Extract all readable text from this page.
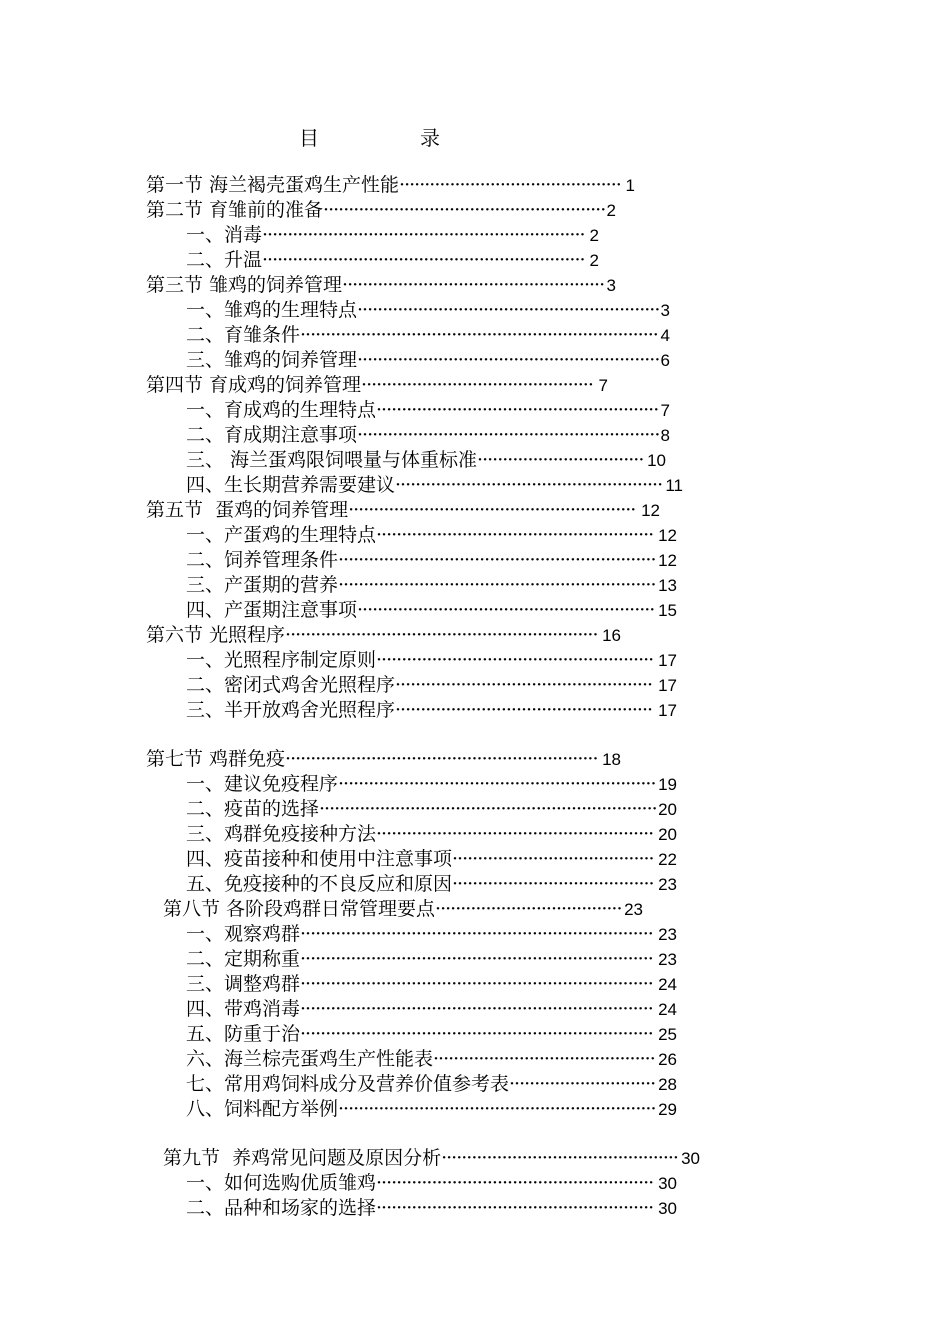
目	录
第一节 海兰褐壳蛋鸡生产性能············································ 1
第二节 育雏前的准备························································ 2
一、消毒································································ 2
二、升温································································ 2
第三节 雏鸡的饲养管理···················································· 3
一、雏鸡的生理特点···························································· 3
二、育雏条件······································································· 4
三、雏鸡的饲养管理···························································· 6
第四节 育成鸡的饲养管理·············································· 7
一、育成鸡的生理特点························································ 7
二、育成期注意事项···························································· 8
三、 海兰蛋鸡限饲喂量与体重标准································· 10
四、生长期营养需要建议····················································· 11
第五节  蛋鸡的饲养管理························································· 12
一、产蛋鸡的生理特点······················································· 12
二、饲养管理条件······························································· 12
三、产蛋期的营养······························································· 13
四、产蛋期注意事项··························································· 15
第六节 光照程序······························································ 16
一、光照程序制定原则······················································· 17
二、密闭式鸡舍光照程序··················································· 17
三、半开放鸡舍光照程序··················································· 17
第七节 鸡群免疫······························································ 18
一、建议免疫程序······························································· 19
二、疫苗的选择··································································· 20
三、鸡群免疫接种方法······················································· 20
四、疫苗接种和使用中注意事项········································ 22
五、免疫接种的不良反应和原因········································ 23
第八节 各阶段鸡群日常管理要点····································· 23
一、观察鸡群······································································ 23
二、定期称重······································································ 23
三、调整鸡群······································································ 24
四、带鸡消毒······································································ 24
五、防重于治······································································ 25
六、海兰棕壳蛋鸡生产性能表············································ 26
七、常用鸡饲料成分及营养价值参考表····························· 28
八、饲料配方举例······························································· 29
第九节  养鸡常见问题及原因分析··············································· 30
一、如何选购优质雏鸡······················································· 30
二、品种和场家的选择······················································· 30
